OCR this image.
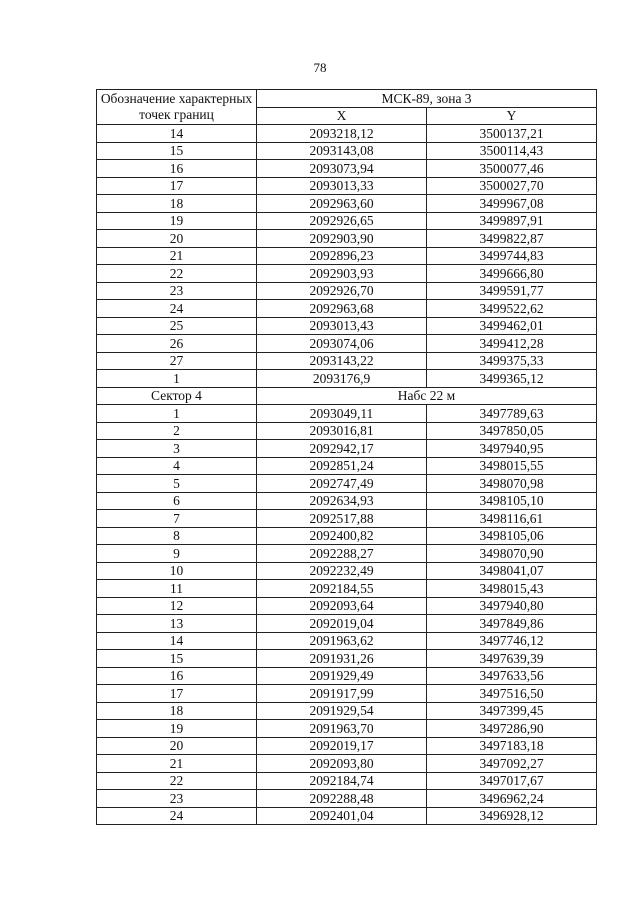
78
Обозначение характерных точек границ	МСК-89, зона 3	
	X	Y
14	2093218,12	3500137,21
15	2093143,08	3500114,43
16	2093073,94	3500077,46
17	2093013,33	3500027,70
18	2092963,60	3499967,08
19	2092926,65	3499897,91
20	2092903,90	3499822,87
21	2092896,23	3499744,83
22	2092903,93	3499666,80
23	2092926,70	3499591,77
24	2092963,68	3499522,62
25	2093013,43	3499462,01
26	2093074,06	3499412,28
27	2093143,22	3499375,33
1	2093176,9	3499365,12
Сектор 4	Набс 22 м	
1	2093049,11	3497789,63
2	2093016,81	3497850,05
3	2092942,17	3497940,95
4	2092851,24	3498015,55
5	2092747,49	3498070,98
6	2092634,93	3498105,10
7	2092517,88	3498116,61
8	2092400,82	3498105,06
9	2092288,27	3498070,90
10	2092232,49	3498041,07
11	2092184,55	3498015,43
12	2092093,64	3497940,80
13	2092019,04	3497849,86
14	2091963,62	3497746,12
15	2091931,26	3497639,39
16	2091929,49	3497633,56
17	2091917,99	3497516,50
18	2091929,54	3497399,45
19	2091963,70	3497286,90
20	2092019,17	3497183,18
21	2092093,80	3497092,27
22	2092184,74	3497017,67
23	2092288,48	3496962,24
24	2092401,04	3496928,12
